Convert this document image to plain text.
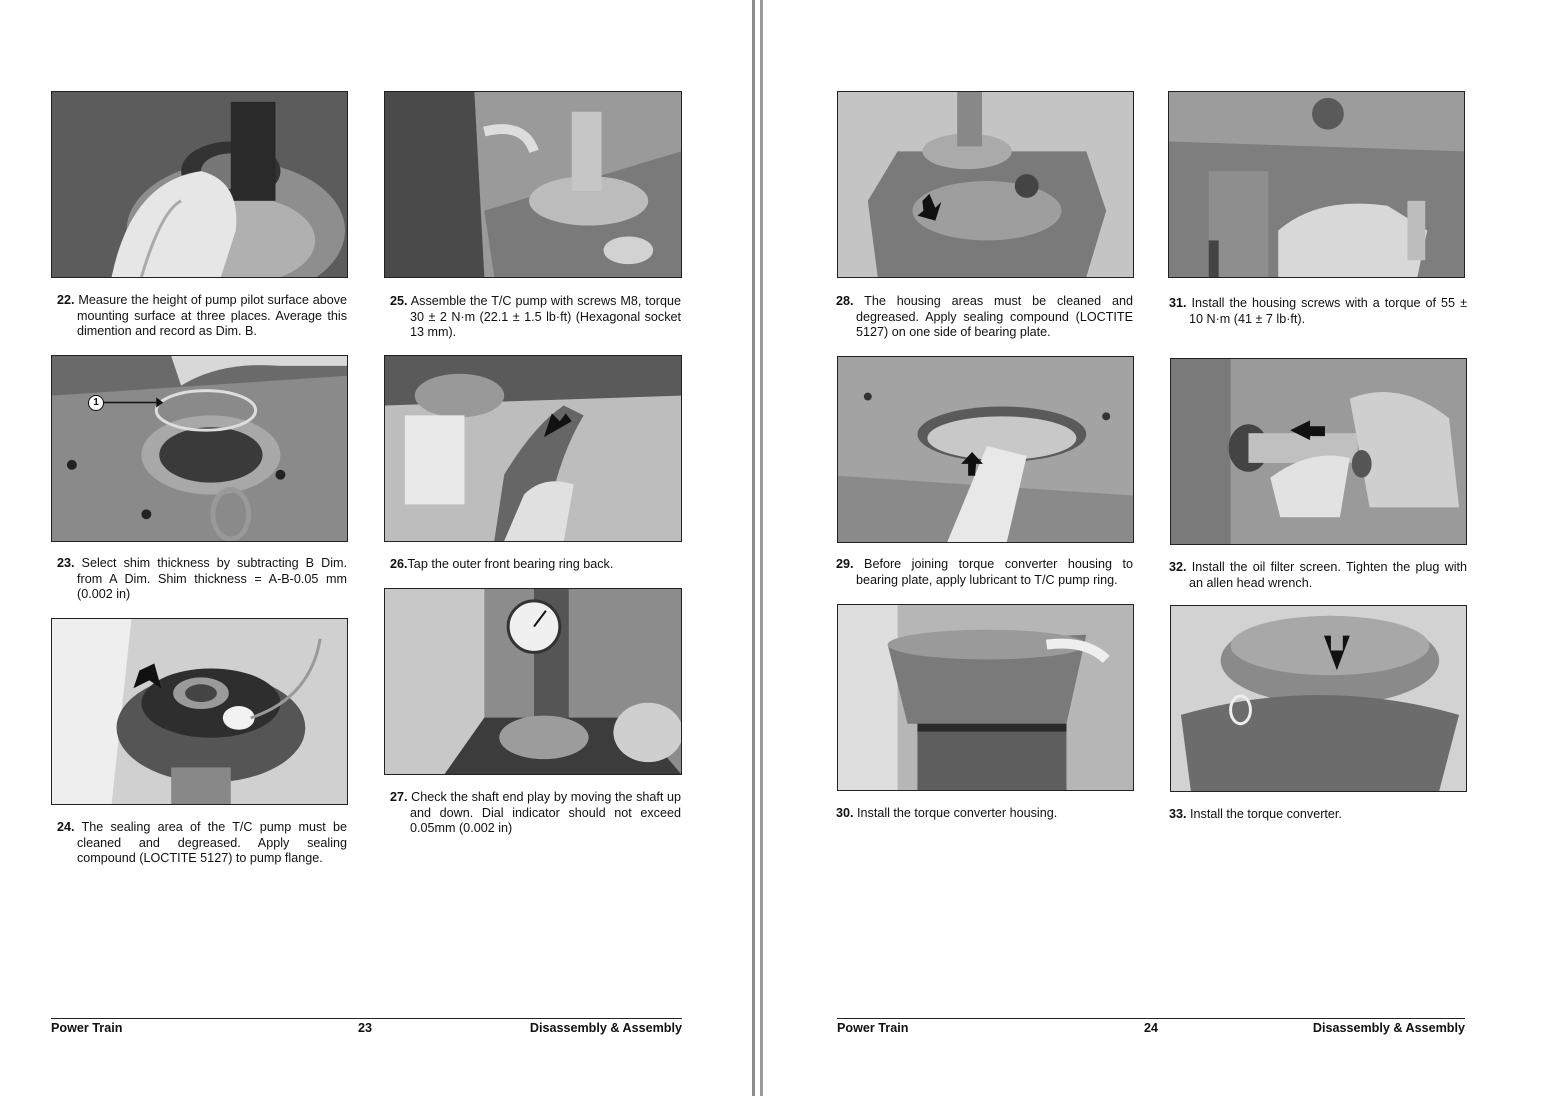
22. Measure the height of pump pilot surface above mounting surface at three places. Average this dimention and record as Dim. B.

1

23. Select shim thickness by subtracting B Dim. from A Dim. Shim thickness = A-B-0.05 mm (0.002 in)

24. The sealing area of the T/C pump must be cleaned and degreased. Apply sealing compound (LOCTITE 5127) to pump flange.

25. Assemble the T/C pump with screws M8, torque 30 ± 2 N·m (22.1 ± 1.5 lb·ft) (Hexagonal socket 13 mm).

26.Tap the outer front bearing ring back.

27. Check the shaft end play by moving the shaft up and down. Dial indicator should not exceed 0.05mm (0.002 in)

Power Train	23	Disassembly & Assembly

28. The housing areas must be cleaned and degreased. Apply sealing compound (LOCTITE 5127) on one side of bearing plate.

29. Before joining torque converter housing to bearing plate, apply lubricant to T/C pump ring.

30. Install the torque converter housing.

31. Install the housing screws with a torque of 55 ± 10 N·m (41 ± 7 lb·ft).

32. Install the oil filter screen. Tighten the plug with an allen head wrench.

33. Install the torque converter.

Power Train	24	Disassembly & Assembly
